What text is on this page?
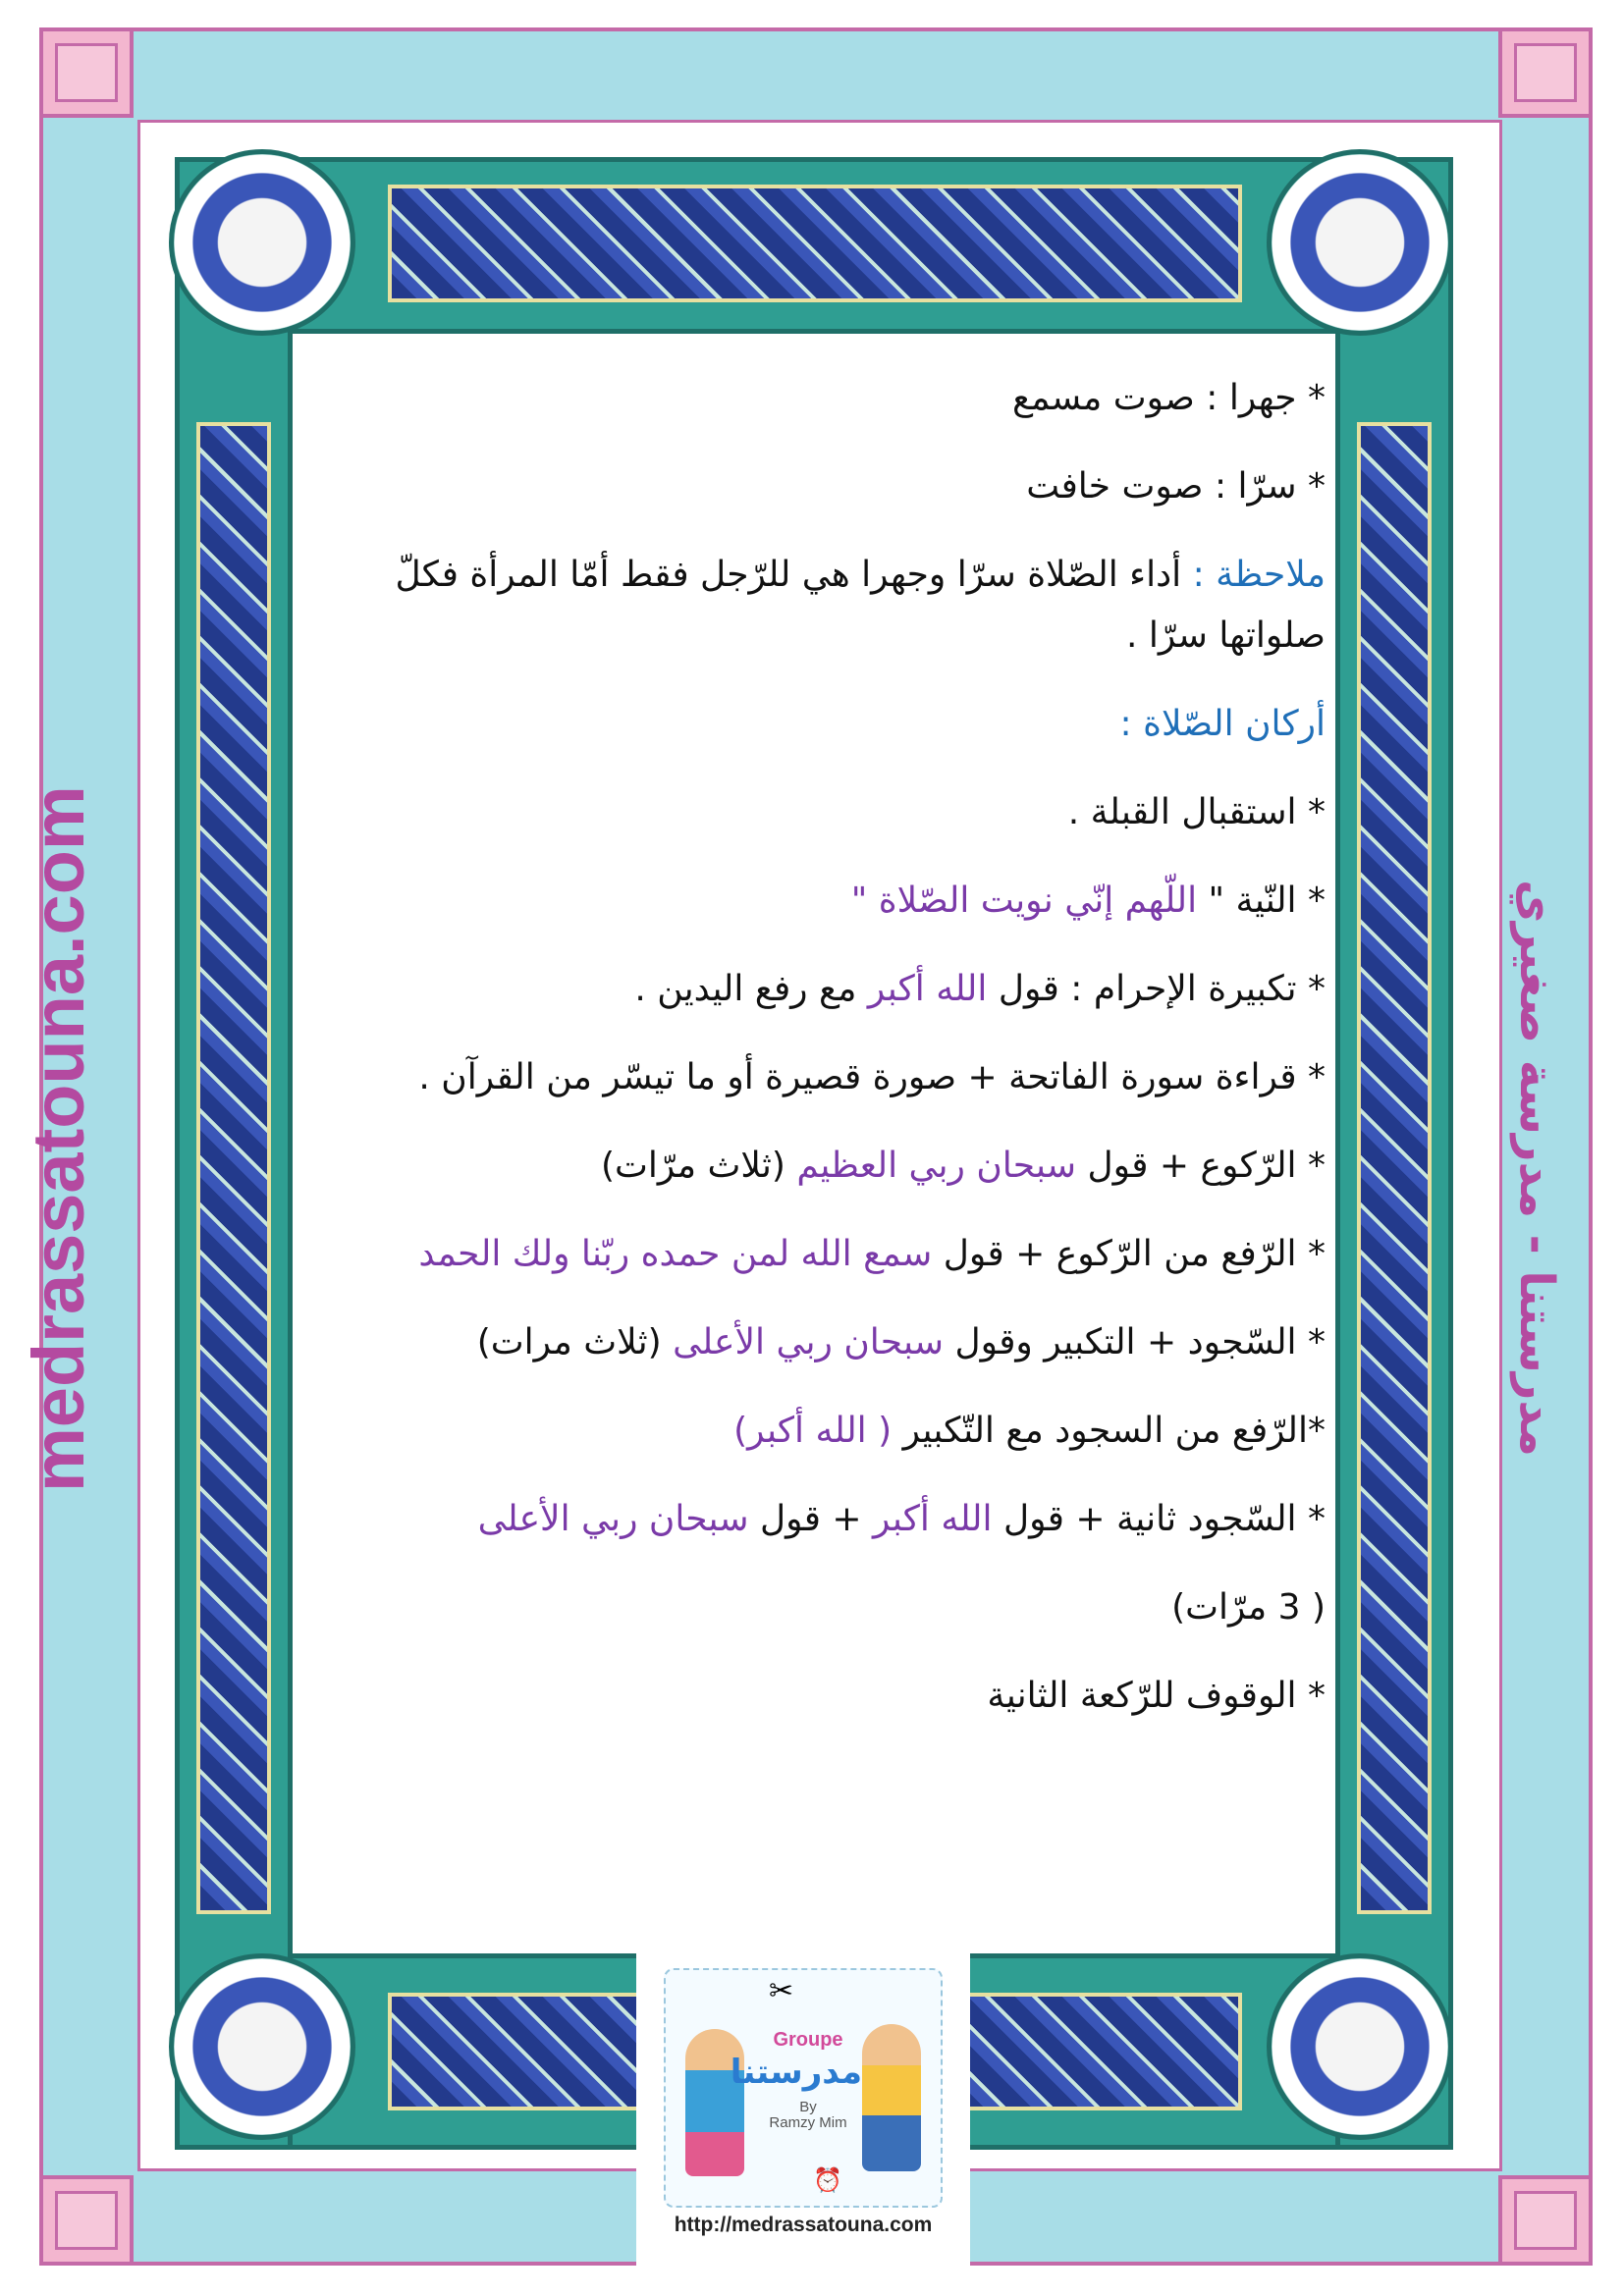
medrassatouna.com	مدرستنا - مدرسة صغيري

* جهرا : صوت مسمع

* سرّا : صوت خافت

ملاحظة : أداء الصّلاة سرّا وجهرا هي للرّجل فقط أمّا المرأة فكلّ صلواتها سرّا .

أركان الصّلاة :

* استقبال القبلة .

* النّية " اللّهم إنّي نويت الصّلاة "

* تكبيرة الإحرام : قول الله أكبر مع رفع اليدين .

* قراءة سورة الفاتحة + صورة قصيرة أو ما تيسّر من القرآن .

* الرّكوع + قول سبحان ربي العظيم (ثلاث مرّات)

* الرّفع من الرّكوع + قول سمع الله لمن حمده ربّنا ولك الحمد

* السّجود + التكبير وقول سبحان ربي الأعلى (ثلاث مرات)

*الرّفع من السجود مع التّكبير ( الله أكبر)

* السّجود ثانية + قول الله أكبر + قول سبحان ربي الأعلى

( 3 مرّات)

* الوقوف للرّكعة الثانية

✂
⏰
Groupe
مدرستنا
By
Ramzy Mim
http://medrassatouna.com
